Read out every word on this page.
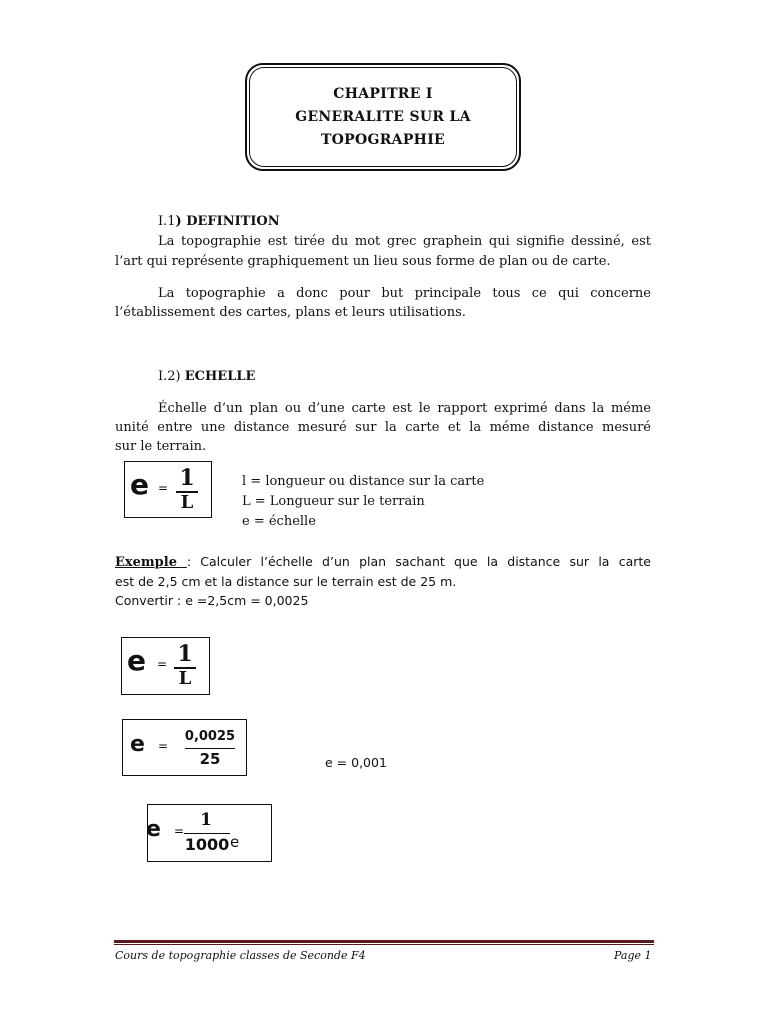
CHAPITRE I
GENERALITE SUR LA
TOPOGRAPHIE
I.1) DEFINITION
La topographie est tirée du mot grec graphein qui signifie dessiné, est
l’art qui représente graphiquement un lieu sous forme de plan ou de carte.
La topographie a donc pour but principale tous ce qui concerne
l’établissement des cartes, plans et leurs utilisations.
I.2) ECHELLE
Échelle d’un plan ou d’une carte est le rapport exprimé dans la méme
unité entre une distance mesuré sur la carte et la méme distance mesuré
sur le terrain.
e = 1
L
l = longueur ou distance sur la carte
L = Longueur sur le terrain
e = échelle
Exemple : Calculer l’échelle d’un plan sachant que la distance sur la carte
est de 2,5 cm et la distance sur le terrain est de 25 m.
Convertir : e =2,5cm = 0,0025
e = 1
L
e =
0,0025
25	e = 0,001
e =
1
1000 e
Cours de topographie classes de Seconde F4	Page 1
